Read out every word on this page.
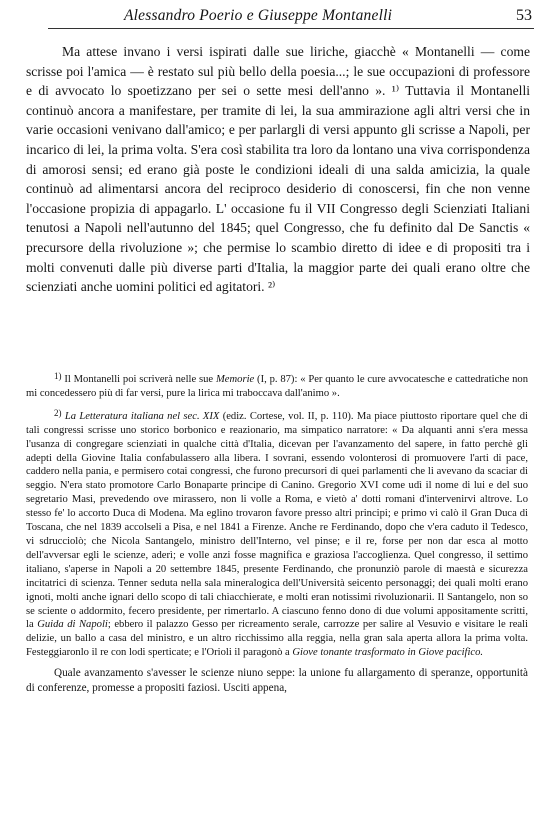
Alessandro Poerio e Giuseppe Montanelli	53

Ma attese invano i versi ispirati dalle sue liriche, giacchè « Montanelli — come scrisse poi l'amica — è restato sul più bello della poesia...; le sue occupazioni di professore e di avvocato lo spoetizzano per sei o sette mesi dell'anno ». ¹⁾ Tuttavia il Montanelli continuò ancora a manifestare, per tramite di lei, la sua ammirazione agli altri versi che in varie occasioni venivano dall'amico; e per parlargli di versi appunto gli scrisse a Napoli, per incarico di lei, la prima volta. S'era così stabilita tra loro da lontano una viva corrispondenza di amorosi sensi; ed erano già poste le condizioni ideali di una salda amicizia, la quale continuò ad alimentarsi ancora del reciproco desiderio di conoscersi, fin che non venne l'occasione propizia di appagarlo. L' occasione fu il VII Congresso degli Scienziati Italiani tenutosi a Napoli nell'autunno del 1845; quel Congresso, che fu definito dal De Sanctis « precursore della rivoluzione »; che permise lo scambio diretto di idee e di propositi tra i molti convenuti dalle più diverse parti d'Italia, la maggior parte dei quali erano oltre che scienziati anche uomini politici ed agitatori. ²⁾

$^{1)}$ Il Montanelli poi scriverà nelle sue Memorie (I, p. 87): « Per quanto le cure avvocatesche e cattedratiche non mi concedessero più di far versi, pure la lirica mi traboccava dall'animo ».

$^{2)}$ La Letteratura italiana nel sec. XIX (ediz. Cortese, vol. II, p. 110). Ma piace piuttosto riportare quel che di tali congressi scrisse uno storico borbonico e reazionario, ma simpatico narratore: « Da alquanti anni s'era messa l'usanza di congregare scienziati in qualche città d'Italia, dicevan per l'avanzamento del sapere, in fatto perchè gli adepti della Giovine Italia confabulassero alla libera. I sovrani, essendo volonterosi di promuovere l'arti di pace, caddero nella pania, e permisero cotai congressi, che furono precursori di quei parlamenti che li avevano da scaciar di seggio. N'era stato promotore Carlo Bonaparte principe di Canino. Gregorio XVI come udì il nome di lui e del suo segretario Masi, prevedendo ove mirassero, non li volle a Roma, e vietò a' dotti romani d'intervenirvi altrove. Lo stesso fe' lo accorto Duca di Modena. Ma eglino trovaron favore presso altri principi; e primo vi calò il Gran Duca di Toscana, che nel 1839 accolseli a Pisa, e nel 1841 a Firenze. Anche re Ferdinando, dopo che v'era caduto il Tedesco, vi sdrucciolò; che Nicola Santangelo, ministro dell'Interno, vel pinse; e il re, forse per non dar esca al motto dell'avversar egli le scienze, aderì; e volle anzi fosse magnifica e graziosa l'accoglienza. Quel congresso, il settimo italiano, s'aperse in Napoli a 20 settembre 1845, presente Ferdinando, che pronunziò parole di maestà e sicurezza incitatrici di scienza. Tenner seduta nella sala mineralogica dell'Università seicento personaggi; dei quali molti erano ignoti, molti anche ignari dello scopo di tali chiacchierate, e molti eran notissimi rivoluzionarii. Il Santangelo, non so se sciente o addormito, fecero presidente, per rimertarlo. A ciascuno fenno dono di due volumi appositamente scritti, la Guida di Napoli; ebbero il palazzo Gesso per ricreamento serale, carrozze per salire al Vesuvio e visitare le reali delizie, un ballo a casa del ministro, e un altro ricchissimo alla reggia, nella gran sala aperta allora la prima volta. Festeggiaronlo il re con lodi sperticate; e l'Orioli il paragonò a Giove tonante trasformato in Giove pacifico.

Quale avanzamento s'avesser le scienze niuno seppe: la unione fu allargamento di speranze, opportunità di conferenze, promesse a propositi faziosi. Usciti appena,
